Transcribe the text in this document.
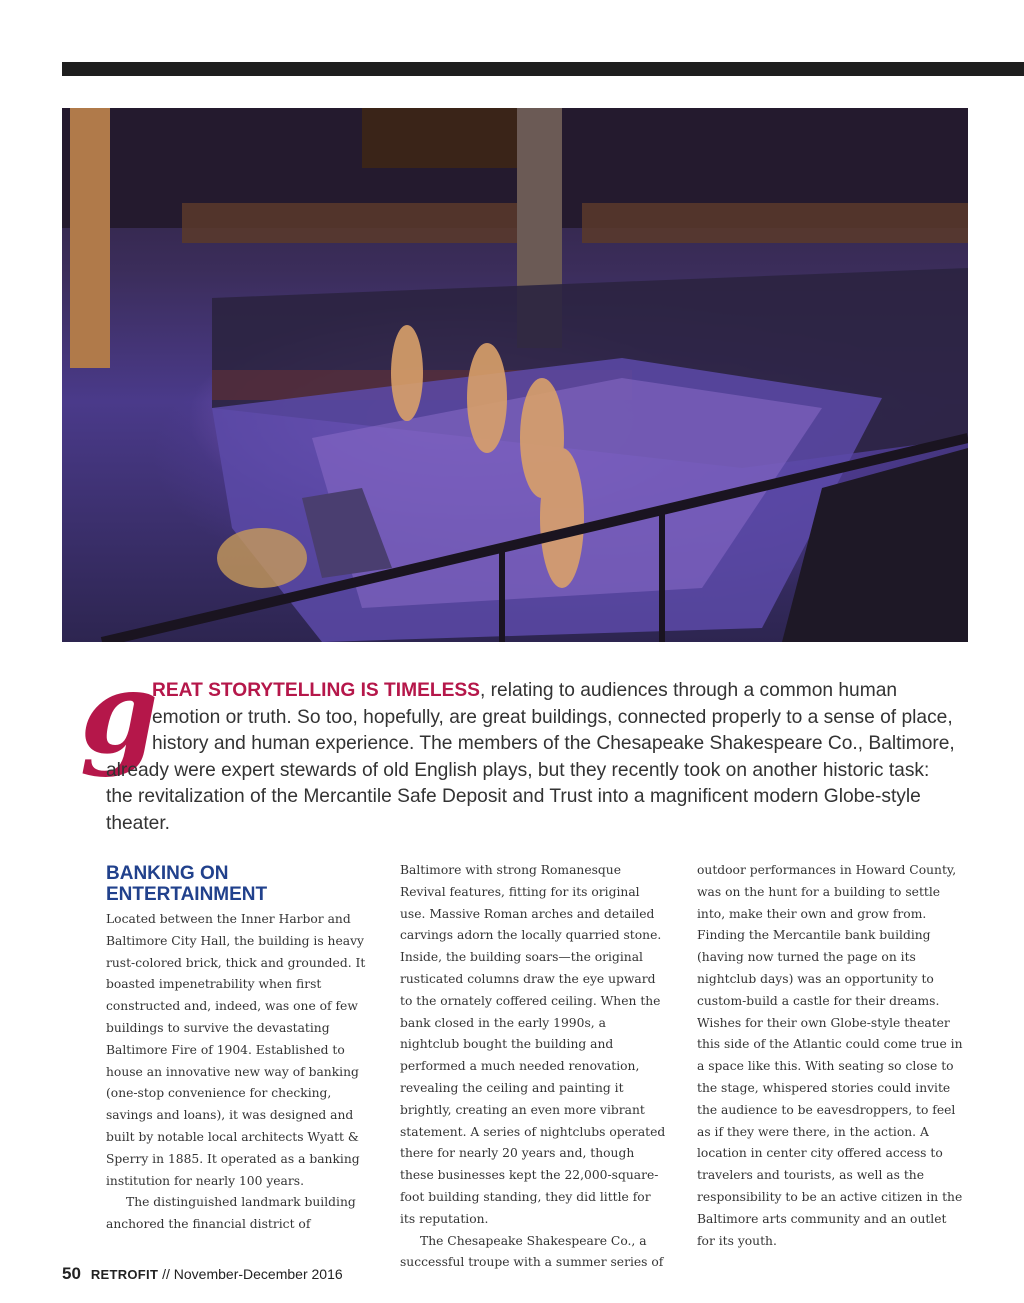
g
REAT STORYTELLING IS TIMELESS, relating to audiences through a common human emotion or truth. So too, hopefully, are great buildings, connected properly to a sense of place, history and human experience. The members of the Chesapeake Shakespeare Co., Baltimore, already were expert stewards of old English plays, but they recently took on another historic task: the revitalization of the Mercantile Safe Deposit and Trust into a magnificent modern Globe-style theater.

BANKING ON ENTERTAINMENT

Located between the Inner Harbor and Baltimore City Hall, the building is heavy rust-colored brick, thick and grounded. It boasted impenetrability when first constructed and, indeed, was one of few buildings to survive the devastating Baltimore Fire of 1904. Established to house an innovative new way of banking (one-stop convenience for checking, savings and loans), it was designed and built by notable local architects Wyatt & Sperry in 1885. It operated as a banking institution for nearly 100 years.

The distinguished landmark building anchored the financial district of

Baltimore with strong Romanesque Revival features, fitting for its original use. Massive Roman arches and detailed carvings adorn the locally quarried stone. Inside, the building soars—the original rusticated columns draw the eye upward to the ornately coffered ceiling. When the bank closed in the early 1990s, a nightclub bought the building and performed a much needed renovation, revealing the ceiling and painting it brightly, creating an even more vibrant statement. A series of nightclubs operated there for nearly 20 years and, though these businesses kept the 22,000-square-foot building standing, they did little for its reputation.

The Chesapeake Shakespeare Co., a successful troupe with a summer series of

outdoor performances in Howard County, was on the hunt for a building to settle into, make their own and grow from. Finding the Mercantile bank building (having now turned the page on its nightclub days) was an opportunity to custom-build a castle for their dreams. Wishes for their own Globe-style theater this side of the Atlantic could come true in a space like this. With seating so close to the stage, whispered stories could invite the audience to be eavesdroppers, to feel as if they were there, in the action. A location in center city offered access to travelers and tourists, as well as the responsibility to be an active citizen in the Baltimore arts community and an outlet for its youth.

50 RETROFIT // November-December 2016
